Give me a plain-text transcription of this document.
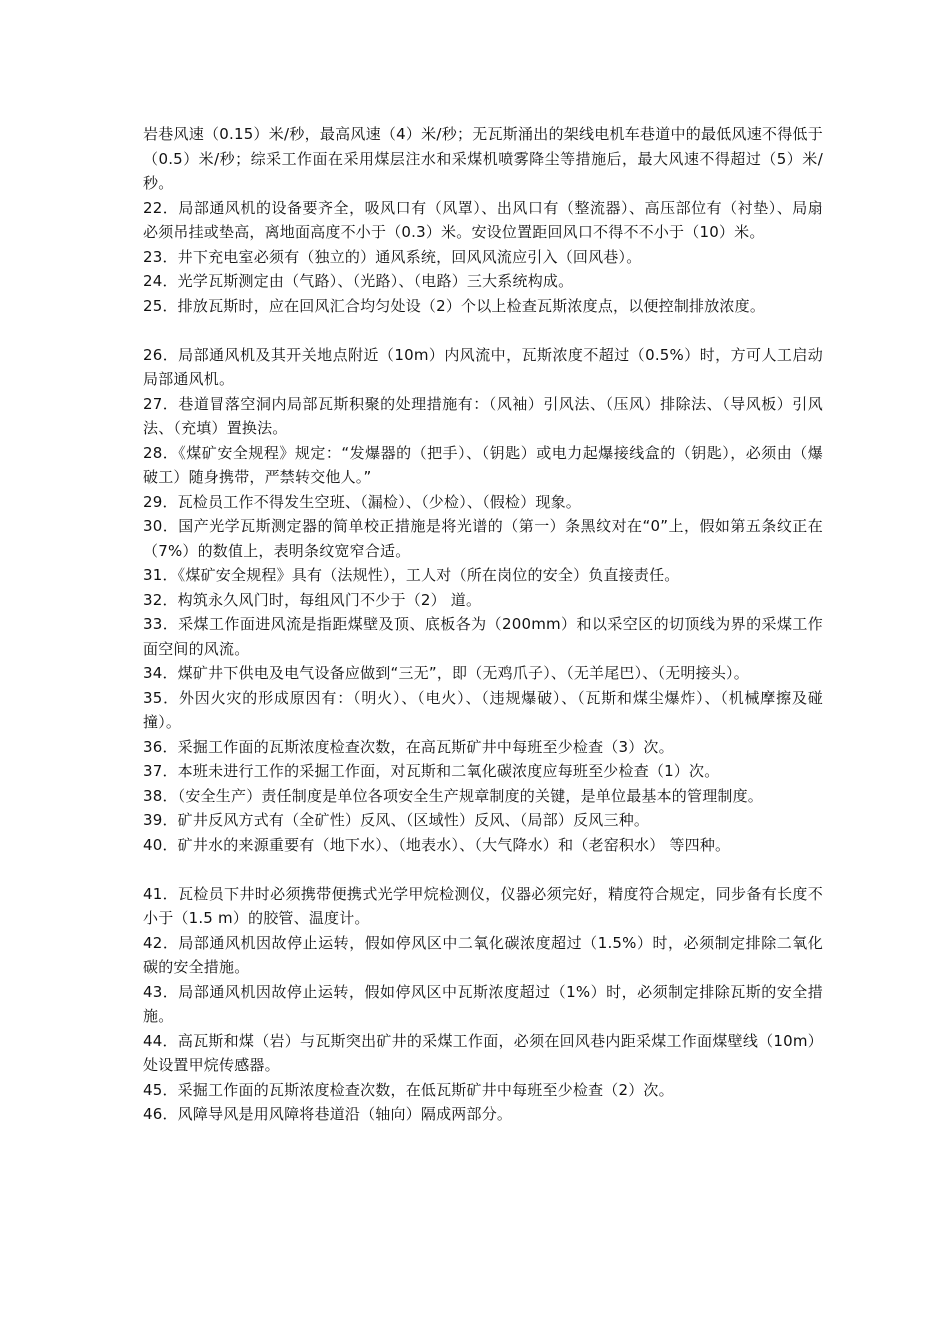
岩巷风速（0.15）米/秒，最高风速（4）米/秒；无瓦斯涌出的架线电机车巷道中的最低风速不得低于（0.5）米/秒；综采工作面在采用煤层注水和采煤机喷雾降尘等措施后，最大风速不得超过（5）米/秒。

22．局部通风机的设备要齐全，吸风口有（风罩）、出风口有（整流器）、高压部位有（衬垫）、局扇必须吊挂或垫高，离地面高度不小于（0.3）米。安设位置距回风口不得不不小于（10）米。

23．井下充电室必须有（独立的）通风系统，回风风流应引入（回风巷）。

24．光学瓦斯测定由（气路）、（光路）、（电路）三大系统构成。

25．排放瓦斯时，应在回风汇合均匀处设（2）个以上检查瓦斯浓度点，以便控制排放浓度。

26．局部通风机及其开关地点附近（10m）内风流中，瓦斯浓度不超过（0.5%）时，方可人工启动局部通风机。

27．巷道冒落空洞内局部瓦斯积聚的处理措施有：（风袖）引风法、（压风）排除法、（导风板）引风法、（充填）置换法。

28．《煤矿安全规程》规定：“发爆器的（把手）、（钥匙）或电力起爆接线盒的（钥匙），必须由（爆破工）随身携带，严禁转交他人。”

29．瓦检员工作不得发生空班、（漏检）、（少检）、（假检）现象。

30．国产光学瓦斯测定器的简单校正措施是将光谱的（第一）条黑纹对在“0”上，假如第五条纹正在（7%）的数值上，表明条纹宽窄合适。

31．《煤矿安全规程》具有（法规性），工人对（所在岗位的安全）负直接责任。

32．构筑永久风门时，每组风门不少于（2） 道。

33．采煤工作面进风流是指距煤壁及顶、底板各为（200mm）和以采空区的切顶线为界的采煤工作面空间的风流。

34．煤矿井下供电及电气设备应做到“三无”，即（无鸡爪子）、（无羊尾巴）、（无明接头）。

35．外因火灾的形成原因有：（明火）、（电火）、（违规爆破）、（瓦斯和煤尘爆炸）、（机械摩擦及碰撞）。

36．采掘工作面的瓦斯浓度检查次数，在高瓦斯矿井中每班至少检查（3）次。

37．本班未进行工作的采掘工作面，对瓦斯和二氧化碳浓度应每班至少检查（1）次。

38．（安全生产）责任制度是单位各项安全生产规章制度的关键，是单位最基本的管理制度。

39．矿井反风方式有（全矿性）反风、（区域性）反风、（局部）反风三种。

40．矿井水的来源重要有（地下水）、（地表水）、（大气降水）和（老窑积水） 等四种。

41．瓦检员下井时必须携带便携式光学甲烷检测仪，仪器必须完好，精度符合规定，同步备有长度不小于（1.5 m）的胶管、温度计。

42．局部通风机因故停止运转，假如停风区中二氧化碳浓度超过（1.5%）时，必须制定排除二氧化碳的安全措施。

43．局部通风机因故停止运转，假如停风区中瓦斯浓度超过（1%）时，必须制定排除瓦斯的安全措施。

44．高瓦斯和煤（岩）与瓦斯突出矿井的采煤工作面，必须在回风巷内距采煤工作面煤壁线（10m）处设置甲烷传感器。

45．采掘工作面的瓦斯浓度检查次数，在低瓦斯矿井中每班至少检查（2）次。

46．风障导风是用风障将巷道沿（轴向）隔成两部分。
